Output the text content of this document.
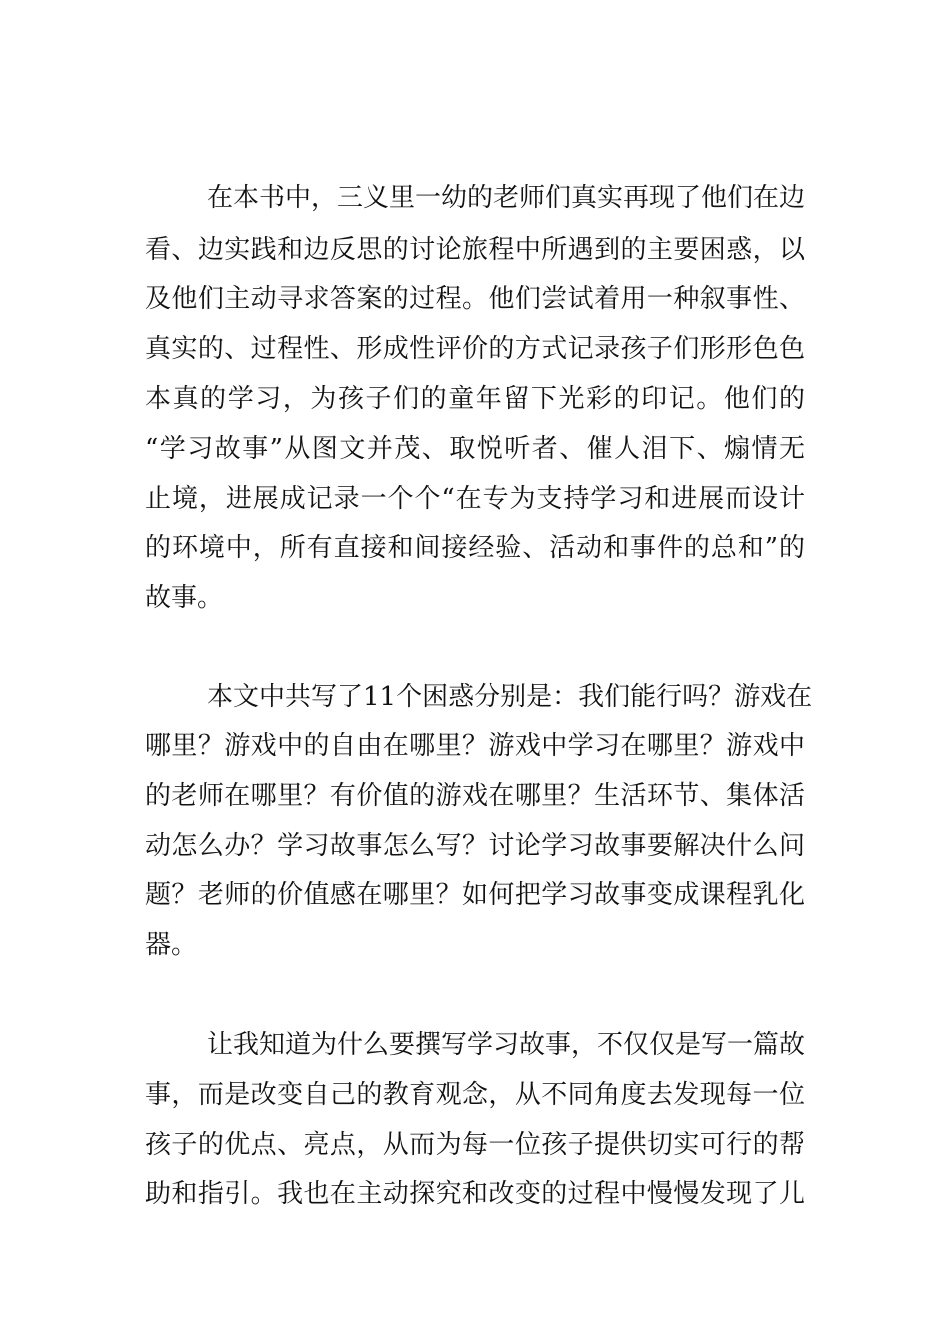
在本书中，三义里一幼的老师们真实再现了他们在边
看、边实践和边反思的讨论旅程中所遇到的主要困惑，以
及他们主动寻求答案的过程。他们尝试着用一种叙事性、
真实的、过程性、形成性评价的方式记录孩子们形形色色
本真的学习，为孩子们的童年留下光彩的印记。他们的
“学习故事”从图文并茂、取悦听者、催人泪下、煽情无
止境，进展成记录一个个“在专为支持学习和进展而设计
的环境中，所有直接和间接经验、活动和事件的总和”的
故事。
本文中共写了11个困惑分别是：我们能行吗？游戏在
哪里？游戏中的自由在哪里？游戏中学习在哪里？游戏中
的老师在哪里？有价值的游戏在哪里？生活环节、集体活
动怎么办？学习故事怎么写？讨论学习故事要解决什么问
题？老师的价值感在哪里？如何把学习故事变成课程乳化
器。
让我知道为什么要撰写学习故事，不仅仅是写一篇故
事，而是改变自己的教育观念，从不同角度去发现每一位
孩子的优点、亮点，从而为每一位孩子提供切实可行的帮
助和指引。我也在主动探究和改变的过程中慢慢发现了儿
